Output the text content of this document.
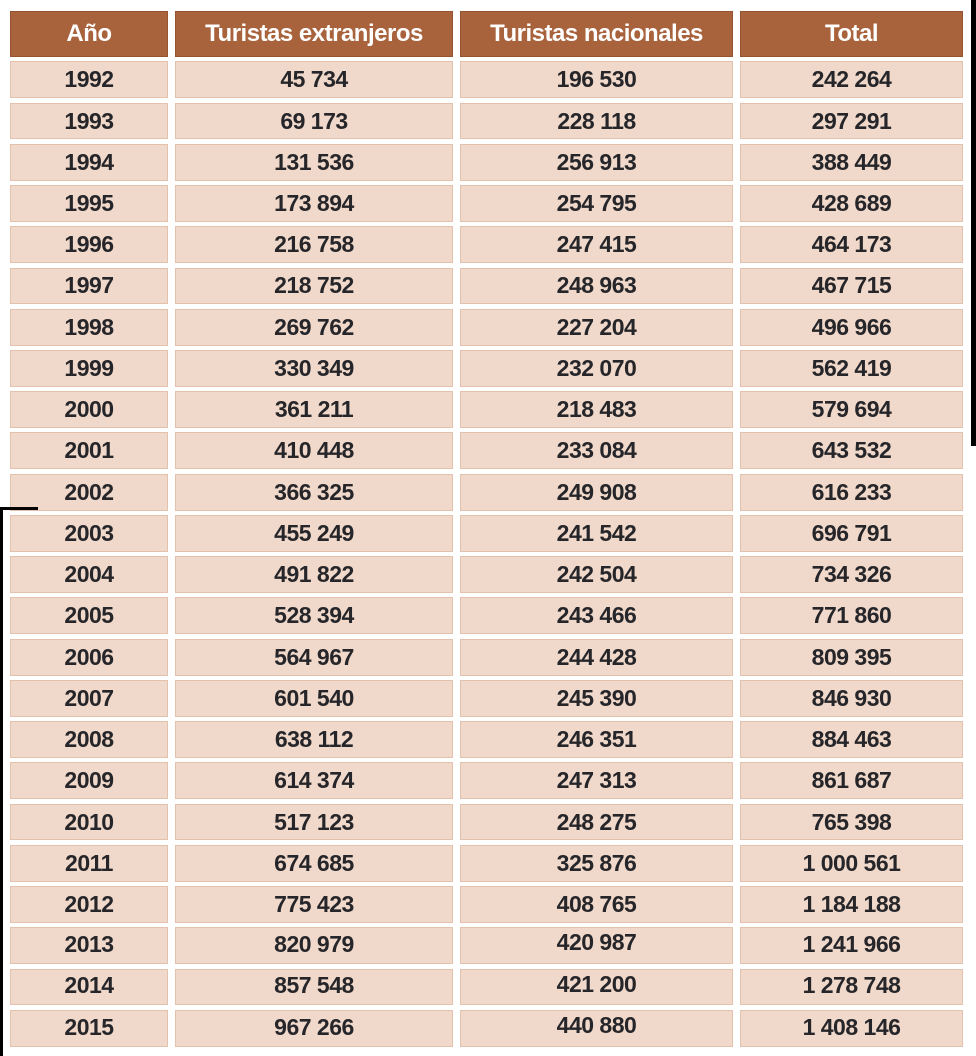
Año	Turistas extranjeros	Turistas nacionales	Total
1992	45 734	196 530	242 264
1993	69 173	228 118	297 291
1994	131 536	256 913	388 449
1995	173 894	254 795	428 689
1996	216 758	247 415	464 173
1997	218 752	248 963	467 715
1998	269 762	227 204	496 966
1999	330 349	232 070	562 419
2000	361 211	218 483	579 694
2001	410 448	233 084	643 532
2002	366 325	249 908	616 233
2003	455 249	241 542	696 791
2004	491 822	242 504	734 326
2005	528 394	243 466	771 860
2006	564 967	244 428	809 395
2007	601 540	245 390	846 930
2008	638 112	246 351	884 463
2009	614 374	247 313	861 687
2010	517 123	248 275	765 398
2011	674 685	325 876	1 000 561
2012	775 423	408 765	1 184 188
2013	820 979	420 987	1 241 966
2014	857 548	421 200	1 278 748
2015	967 266	440 880	1 408 146
